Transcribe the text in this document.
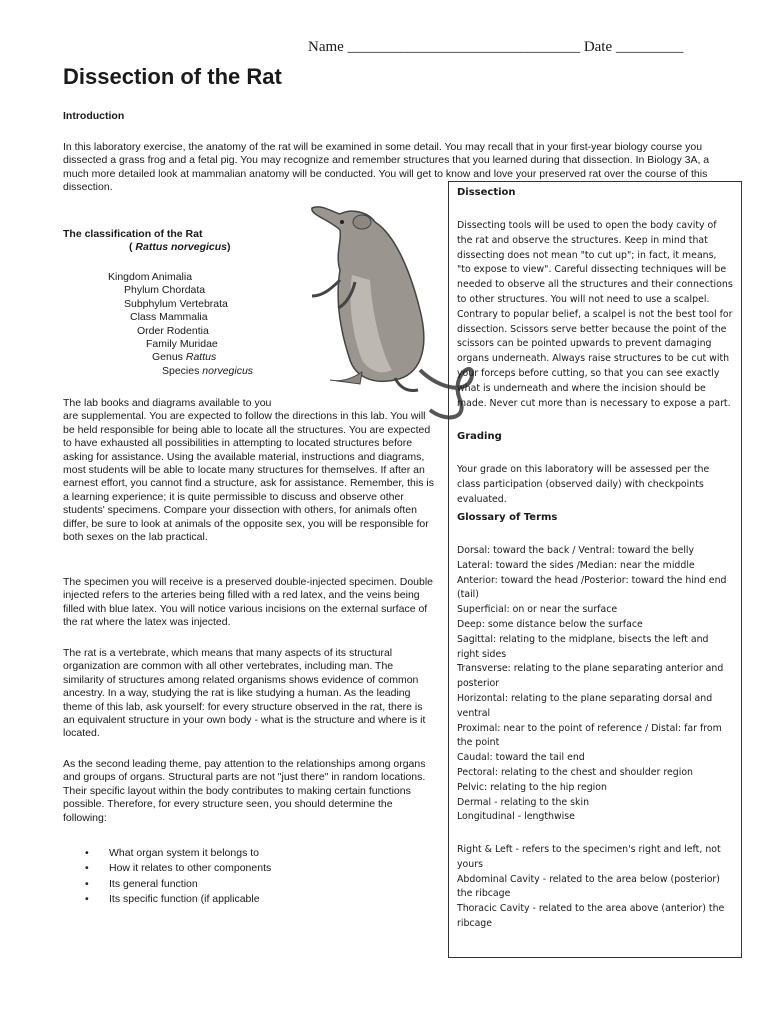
Name _______________________________ Date _________
Dissection of the Rat
Introduction

In this laboratory exercise, the anatomy of the rat will be examined in some detail. You may recall that in your first-year biology course you dissected a grass frog and a fetal pig. You may recognize and remember structures that you learned during that dissection. In Biology 3A, a much more detailed look at mammalian anatomy will be conducted. You will get to know and love your preserved rat over the course of this dissection.

The classification of the Rat
( Rattus norvegicus)
Kingdom Animalia
Phylum Chordata
Subphylum Vertebrata
Class Mammalia
Order Rodentia
Family Muridae
Genus Rattus
Species norvegicus

The lab books and diagrams available to you
are supplemental. You are expected to follow the directions in this lab. You will be held responsible for being able to locate all the structures. You are expected to have exhausted all possibilities in attempting to located structures before asking for assistance. Using the available material, instructions and diagrams, most students will be able to locate many structures for themselves. If after an earnest effort, you cannot find a structure, ask for assistance. Remember, this is a learning experience; it is quite permissible to discuss and observe other students' specimens. Compare your dissection with others, for animals often differ, be sure to look at animals of the opposite sex, you will be responsible for both sexes on the lab practical.

The specimen you will receive is a preserved double-injected specimen. Double injected refers to the arteries being filled with a red latex, and the veins being filled with blue latex. You will notice various incisions on the external surface of the rat where the latex was injected.

The rat is a vertebrate, which means that many aspects of its structural organization are common with all other vertebrates, including man. The similarity of structures among related organisms shows evidence of common ancestry. In a way, studying the rat is like studying a human. As the leading theme of this lab, ask yourself: for every structure observed in the rat, there is an equivalent structure in your own body - what is the structure and where is it located.

As the second leading theme, pay attention to the relationships among organs and groups of organs. Structural parts are not "just there" in random locations. Their specific layout within the body contributes to making certain functions possible. Therefore, for every structure seen, you should determine the following:

• What organ system it belongs to
• How it relates to other components
• Its general function
• Its specific function (if applicable
Dissection
Dissecting tools will be used to open the body cavity of the rat and observe the structures. Keep in mind that dissecting does not mean "to cut up"; in fact, it means, "to expose to view". Careful dissecting techniques will be needed to observe all the structures and their connections to other structures. You will not need to use a scalpel. Contrary to popular belief, a scalpel is not the best tool for dissection. Scissors serve better because the point of the scissors can be pointed upwards to prevent damaging organs underneath. Always raise structures to be cut with your forceps before cutting, so that you can see exactly what is underneath and where the incision should be made. Never cut more than is necessary to expose a part.
Grading
Your grade on this laboratory will be assessed per the class participation (observed daily) with checkpoints evaluated.
Glossary of Terms
Dorsal: toward the back / Ventral: toward the belly
Lateral: toward the sides /Median: near the middle
Anterior: toward the head /Posterior: toward the hind end (tail)
Superficial: on or near the surface
Deep: some distance below the surface
Sagittal: relating to the midplane, bisects the left and right sides
Transverse: relating to the plane separating anterior and posterior
Horizontal: relating to the plane separating dorsal and ventral
Proximal: near to the point of reference / Distal: far from the point
Caudal: toward the tail end
Pectoral: relating to the chest and shoulder region
Pelvic: relating to the hip region
Dermal - relating to the skin
Longitudinal - lengthwise
Right & Left - refers to the specimen's right and left, not yours
Abdominal Cavity - related to the area below (posterior) the ribcage
Thoracic Cavity - related to the area above (anterior) the ribcage
